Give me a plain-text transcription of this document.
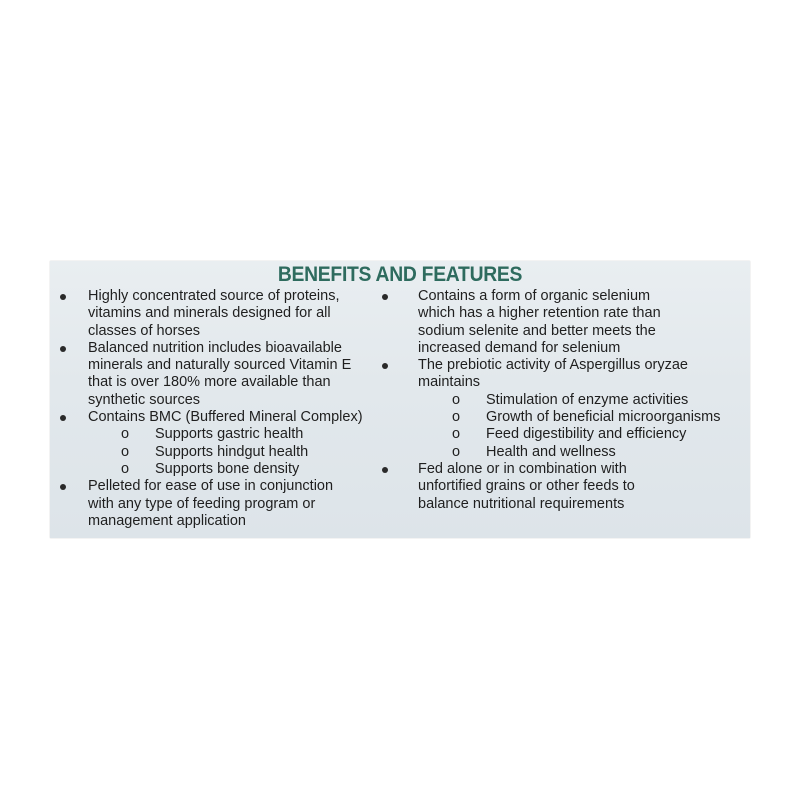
BENEFITS AND FEATURES
Highly concentrated source of proteins,
vitamins and minerals designed for all
classes of horses
Balanced nutrition includes bioavailable
minerals and naturally sourced Vitamin E
that is over 180% more available than
synthetic sources
Contains BMC (Buffered Mineral Complex)
o	Supports gastric health
o	Supports hindgut health
o	Supports bone density
Pelleted for ease of use in conjunction
with any type of feeding program or
management application
Contains a form of organic selenium
which has a higher retention rate than
sodium selenite and better meets the
increased demand for selenium
The prebiotic activity of Aspergillus oryzae
maintains
o	Stimulation of enzyme activities
o	Growth of beneficial microorganisms
o	Feed digestibility and efficiency
o	Health and wellness
Fed alone or in combination with
unfortified grains or other feeds to
balance nutritional requirements
